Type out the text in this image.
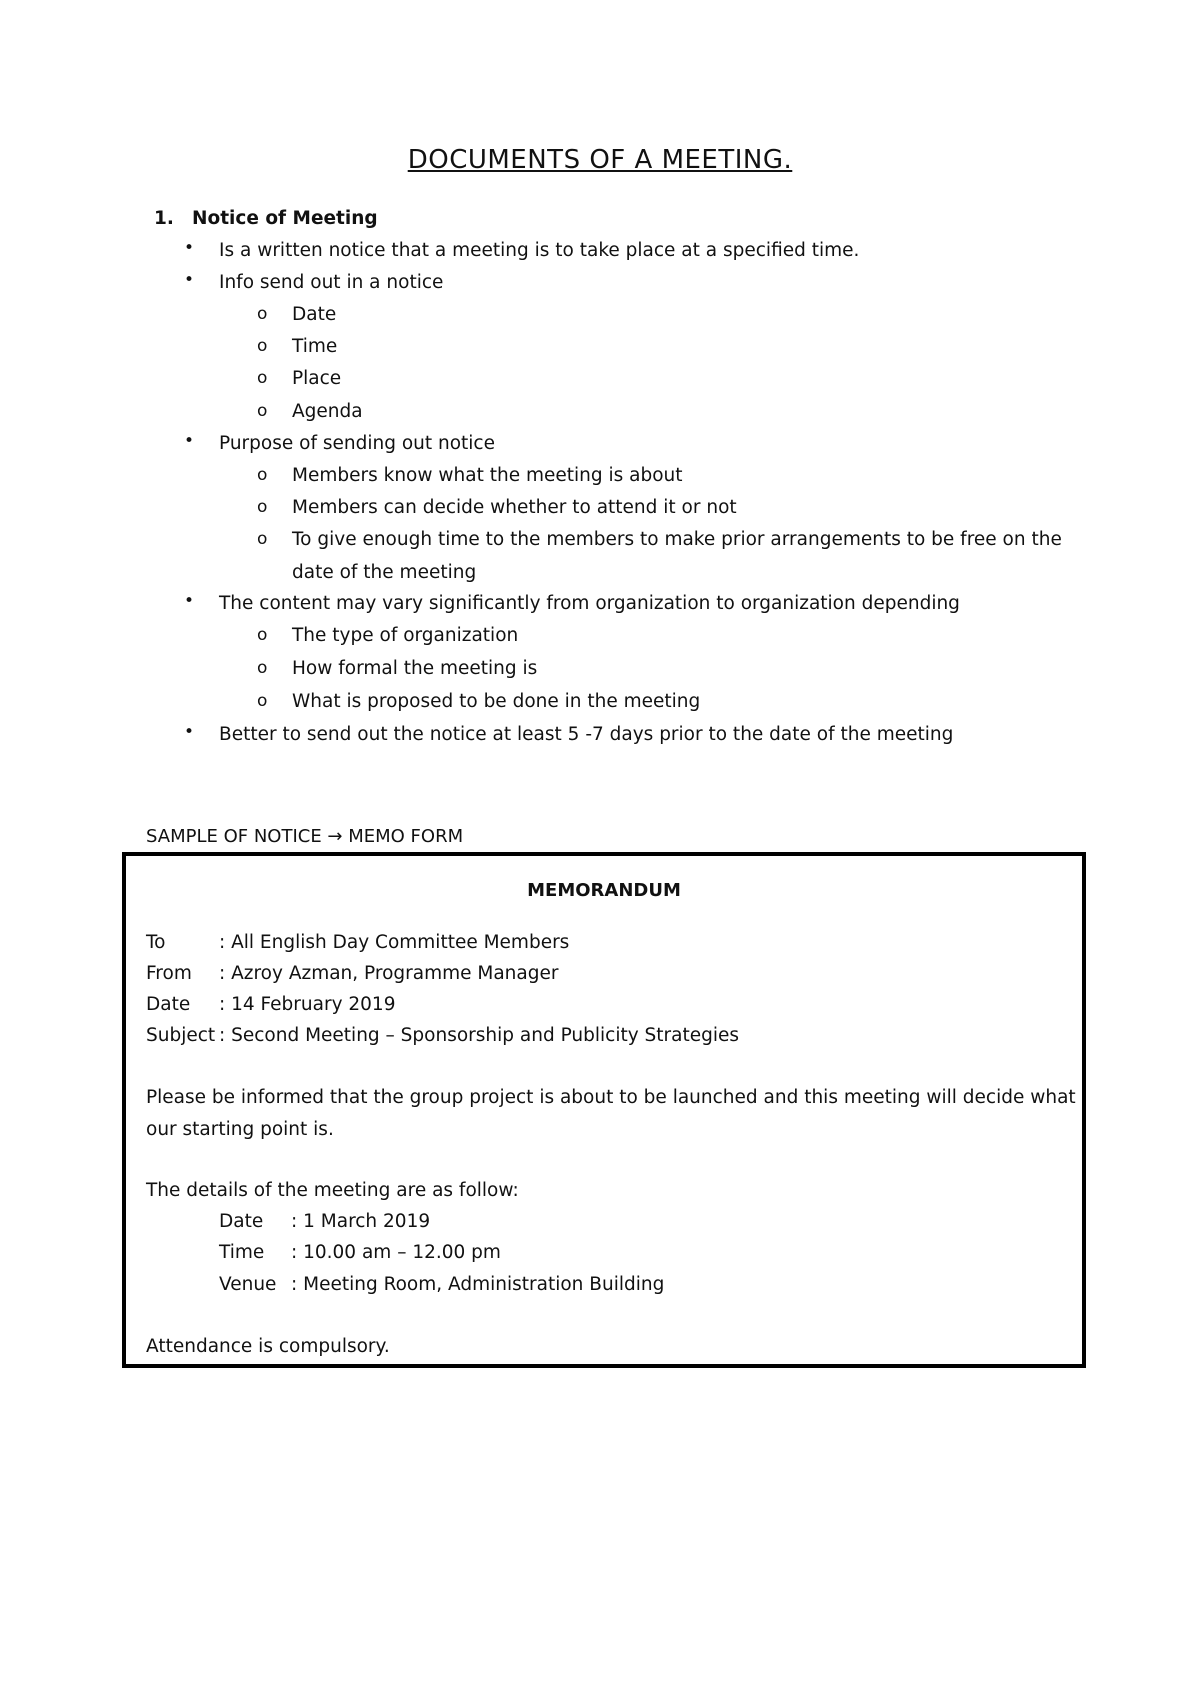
DOCUMENTS OF A MEETING.
1. Notice of Meeting
• Is a written notice that a meeting is to take place at a specified time.
• Info send out in a notice
o Date
o Time
o Place
o Agenda
• Purpose of sending out notice
o Members know what the meeting is about
o Members can decide whether to attend it or not
o To give enough time to the members to make prior arrangements to be free on the
date of the meeting
• The content may vary significantly from organization to organization depending
o The type of organization
o How formal the meeting is
o What is proposed to be done in the meeting
• Better to send out the notice at least 5 -7 days prior to the date of the meeting
SAMPLE OF NOTICE → MEMO FORM
MEMORANDUM
To	: All English Day Committee Members
From : Azroy Azman, Programme Manager
Date : 14 February 2019
Subject : Second Meeting – Sponsorship and Publicity Strategies
Please be informed that the group project is about to be launched and this meeting will decide what
our starting point is.
The details of the meeting are as follow:
Date : 1 March 2019
Time : 10.00 am – 12.00 pm
Venue : Meeting Room, Administration Building
Attendance is compulsory.
